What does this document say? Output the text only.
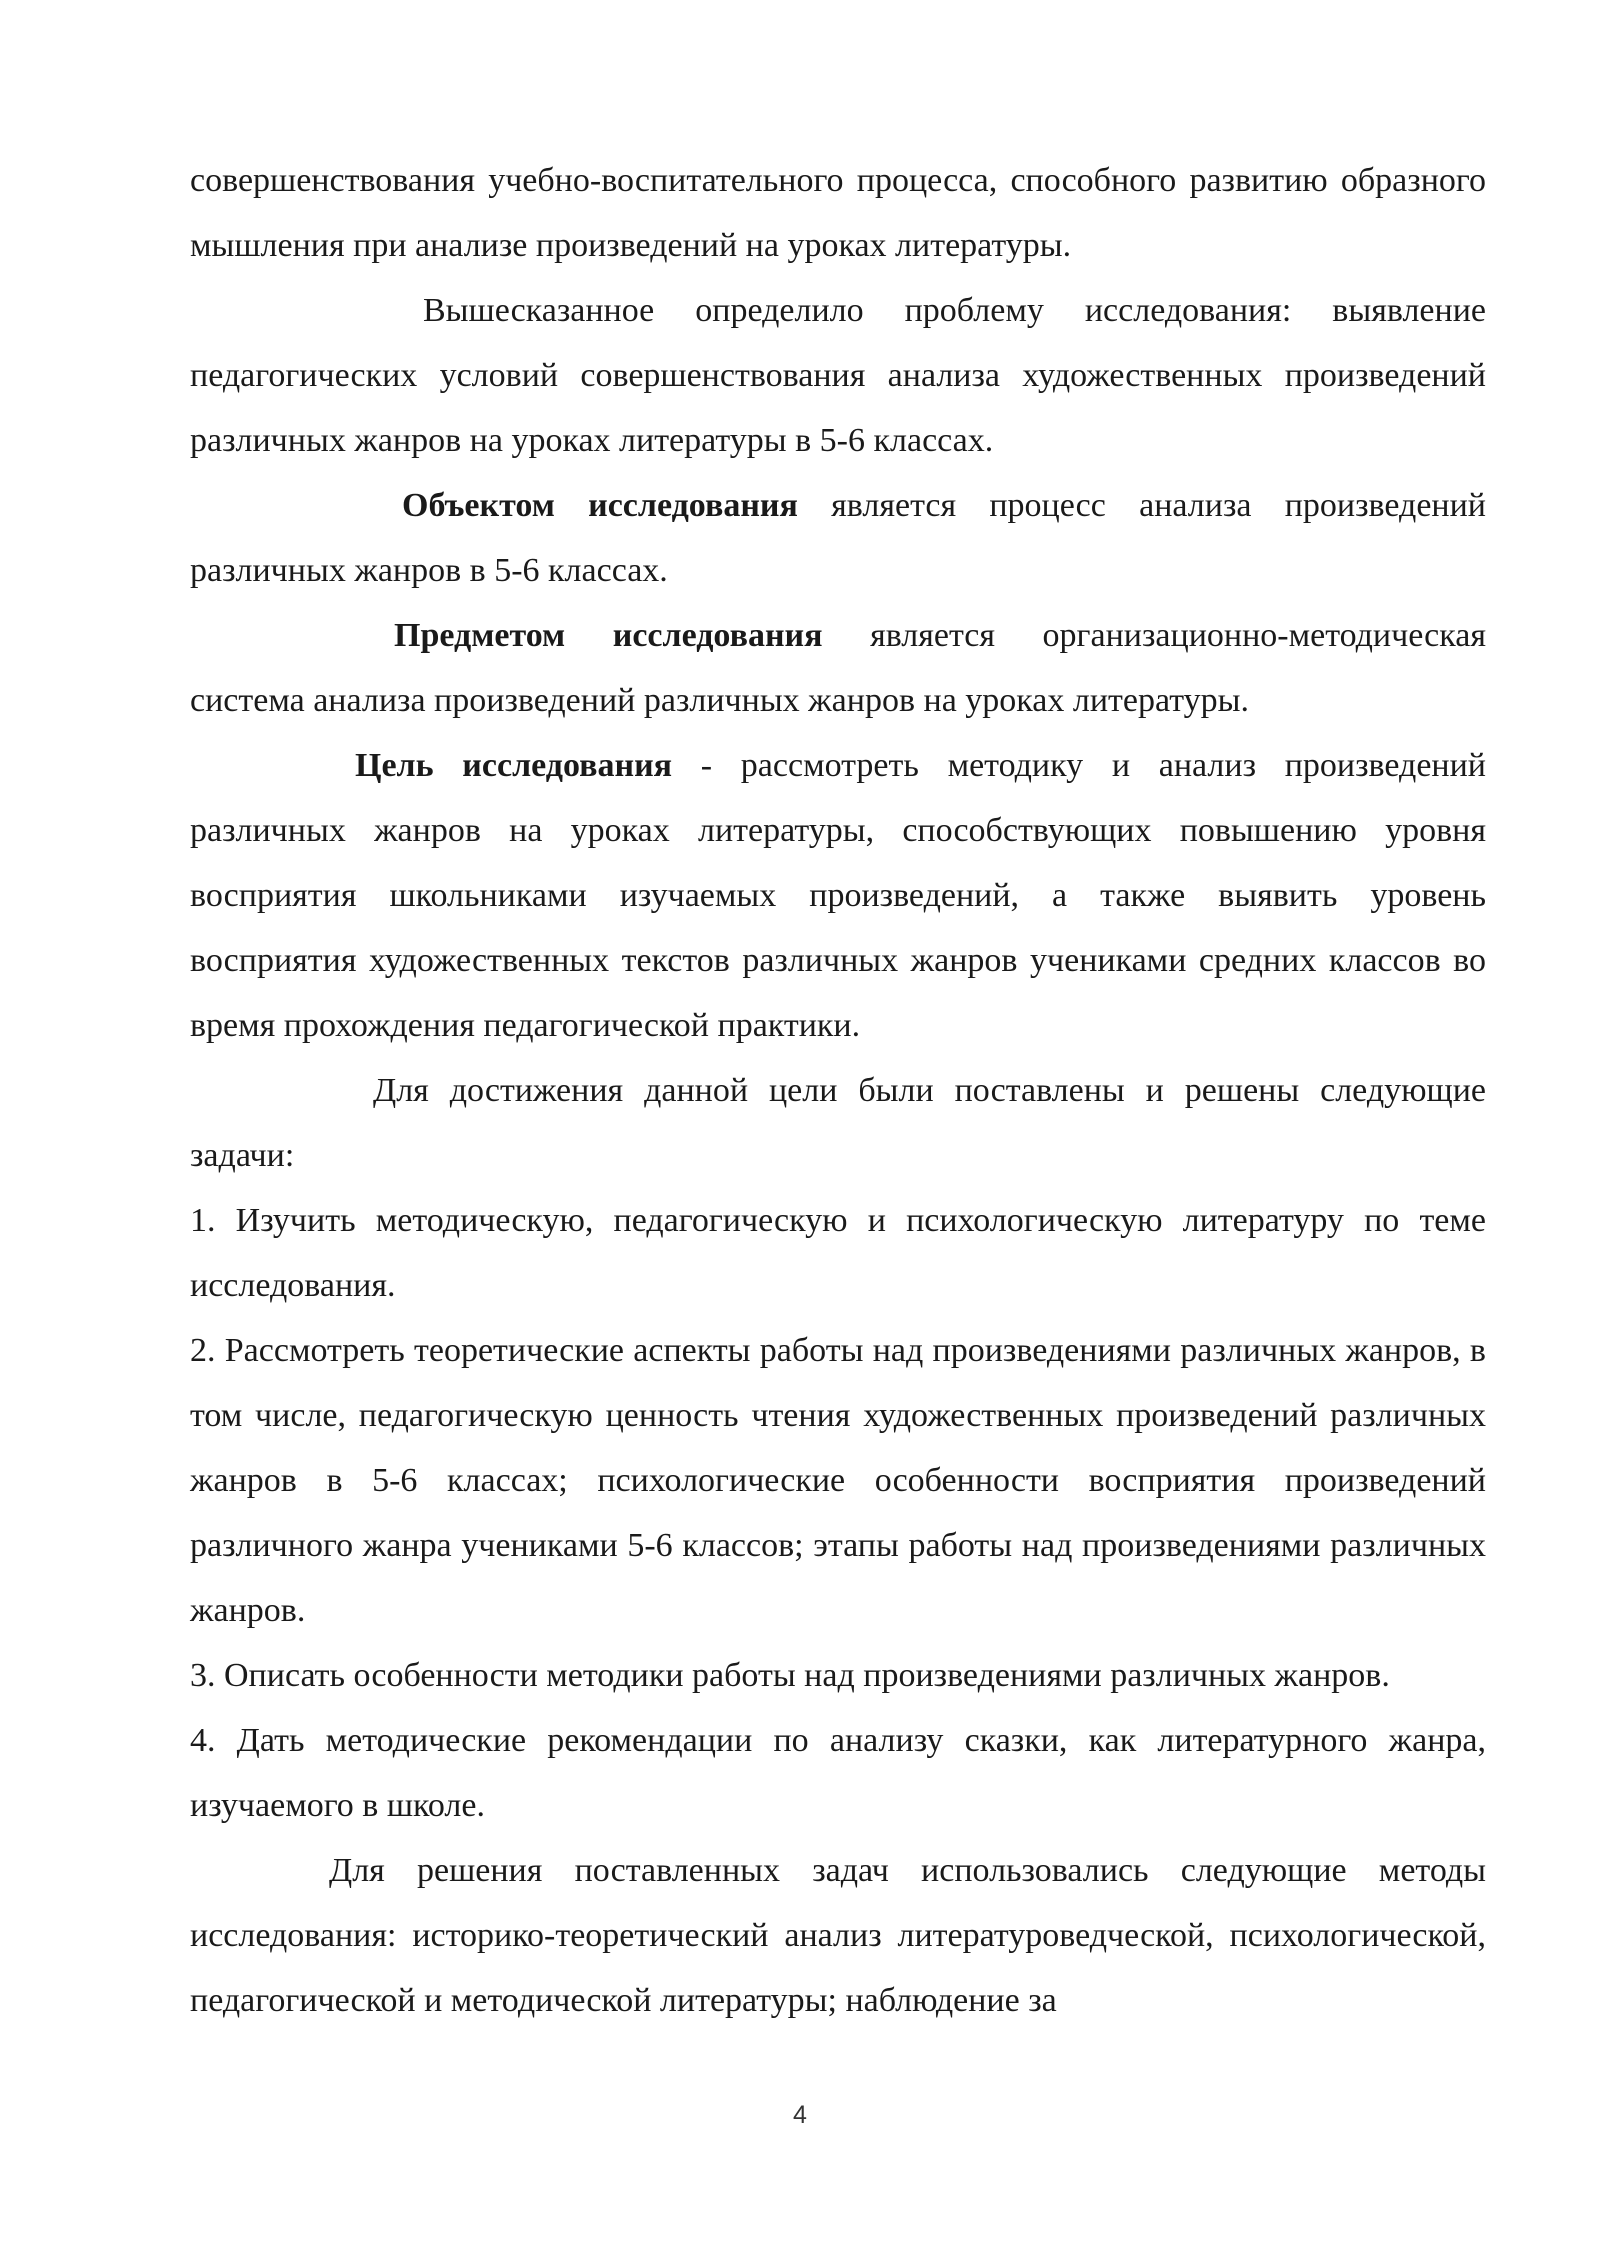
совершенствования учебно-воспитательного процесса, способного развитию образного мышления при анализе произведений на уроках литературы.

Вышесказанное определило проблему исследования: выявление педагогических условий совершенствования анализа художественных произведений различных жанров на уроках литературы в 5-6 классах.

Объектом исследования является процесс анализа произведений различных жанров в 5-6 классах.

Предметом исследования является организационно-методическая система анализа произведений различных жанров на уроках литературы.

Цель исследования - рассмотреть методику и анализ произведений различных жанров на уроках литературы, способствующих повышению уровня восприятия школьниками изучаемых произведений, а также выявить уровень восприятия художественных текстов различных жанров учениками средних классов во время прохождения педагогической практики.

Для достижения данной цели были поставлены и решены следующие задачи:

1. Изучить методическую, педагогическую и психологическую литературу по теме исследования.

2. Рассмотреть теоретические аспекты работы над произведениями различных жанров, в том числе, педагогическую ценность чтения художественных произведений различных жанров в 5-6 классах; психологические особенности восприятия произведений различного жанра учениками 5-6 классов; этапы работы над произведениями различных жанров.

3. Описать особенности методики работы над произведениями различных жанров.

4. Дать методические рекомендации по анализу сказки, как литературного жанра, изучаемого в школе.

Для решения поставленных задач использовались следующие методы исследования: историко-теоретический анализ литературоведческой, психологической, педагогической и методической литературы; наблюдение за

4
